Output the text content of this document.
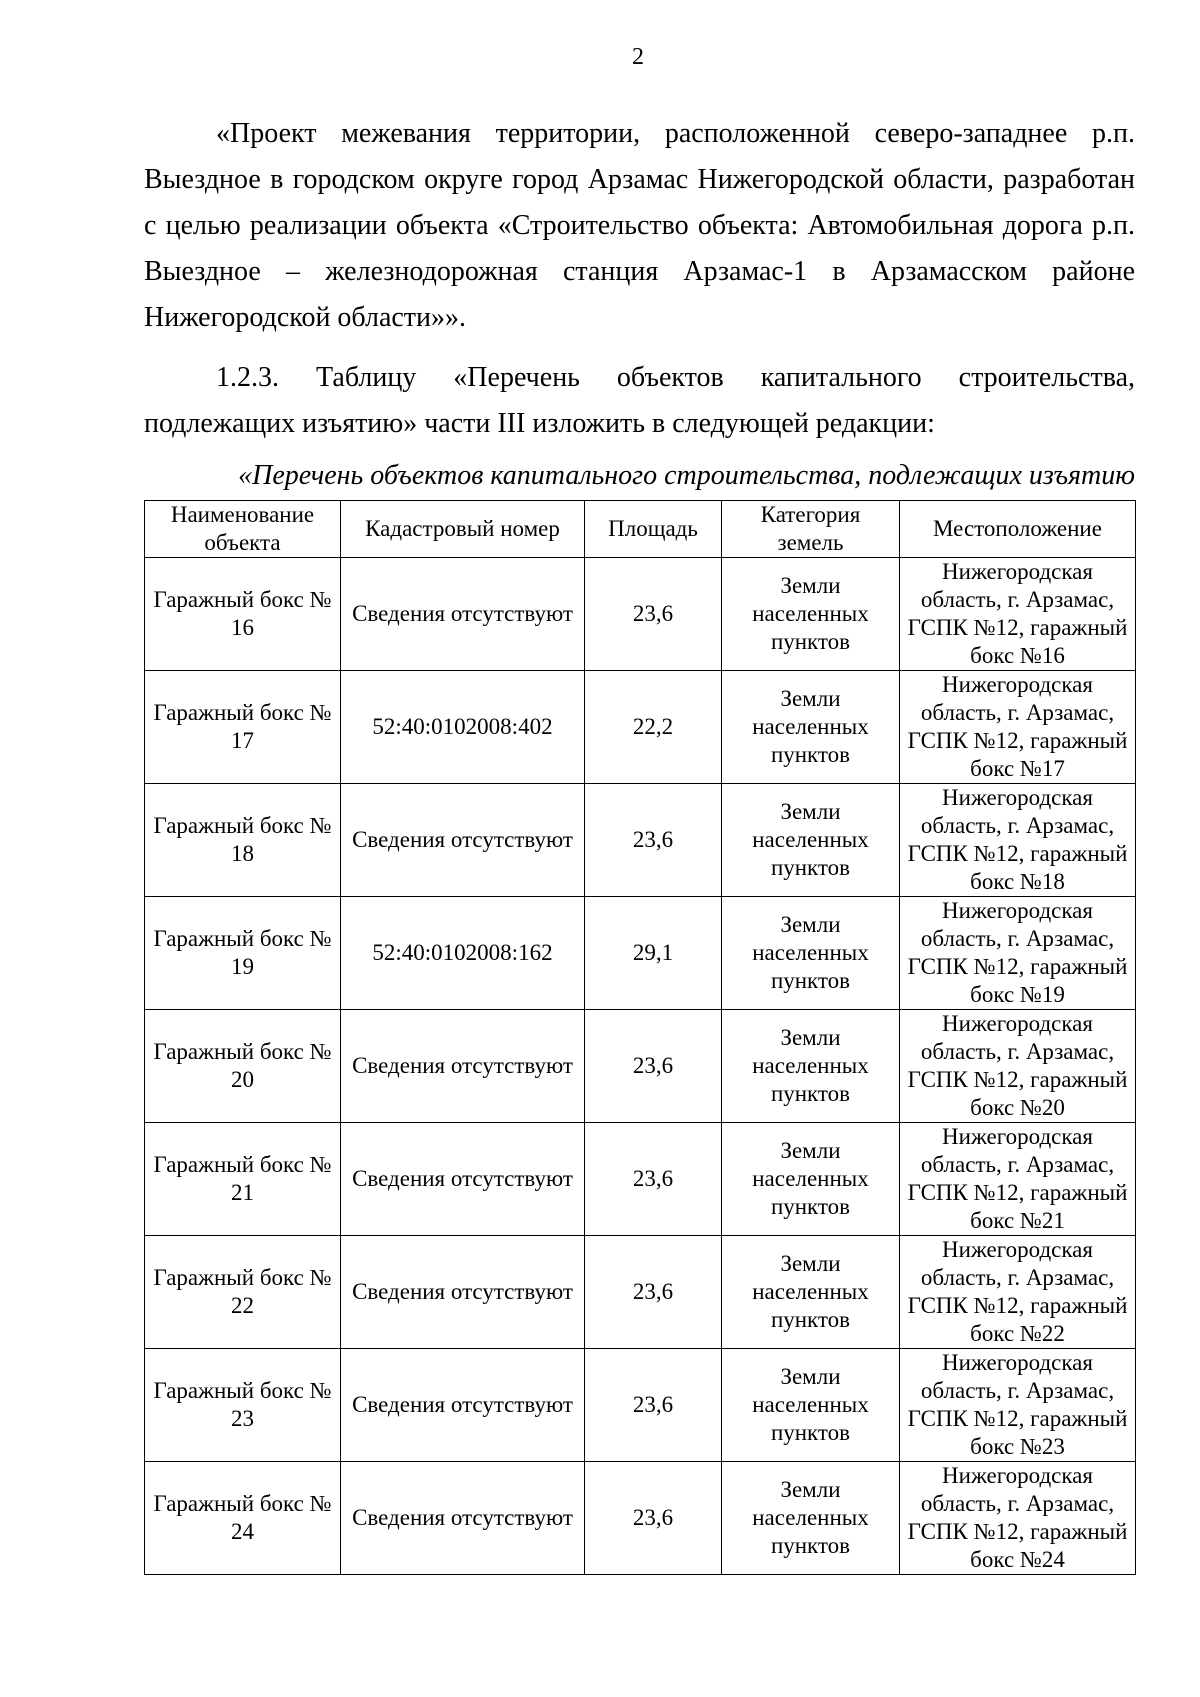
2

«Проект межевания территории, расположенной северо-западнее р.п. Выездное в городском округе город Арзамас Нижегородской области, разработан с целью реализации объекта «Строительство объекта: Автомобильная дорога р.п. Выездное – железнодорожная станция Арзамас-1 в Арзамасском районе Нижегородской области»».

1.2.3. Таблицу «Перечень объектов капитального строительства, подлежащих изъятию» части III изложить в следующей редакции:

«Перечень объектов капитального строительства, подлежащих изъятию
Наименование объекта	Кадастровый номер	Площадь	Категория земель	Местоположение
Гаражный бокс № 16	Сведения отсутствуют	23,6	Земли населенных пунктов	Нижегородская область, г. Арзамас, ГСПК №12, гаражный бокс №16
Гаражный бокс № 17	52:40:0102008:402	22,2	Земли населенных пунктов	Нижегородская область, г. Арзамас, ГСПК №12, гаражный бокс №17
Гаражный бокс № 18	Сведения отсутствуют	23,6	Земли населенных пунктов	Нижегородская область, г. Арзамас, ГСПК №12, гаражный бокс №18
Гаражный бокс № 19	52:40:0102008:162	29,1	Земли населенных пунктов	Нижегородская область, г. Арзамас, ГСПК №12, гаражный бокс №19
Гаражный бокс № 20	Сведения отсутствуют	23,6	Земли населенных пунктов	Нижегородская область, г. Арзамас, ГСПК №12, гаражный бокс №20
Гаражный бокс № 21	Сведения отсутствуют	23,6	Земли населенных пунктов	Нижегородская область, г. Арзамас, ГСПК №12, гаражный бокс №21
Гаражный бокс № 22	Сведения отсутствуют	23,6	Земли населенных пунктов	Нижегородская область, г. Арзамас, ГСПК №12, гаражный бокс №22
Гаражный бокс № 23	Сведения отсутствуют	23,6	Земли населенных пунктов	Нижегородская область, г. Арзамас, ГСПК №12, гаражный бокс №23
Гаражный бокс № 24	Сведения отсутствуют	23,6	Земли населенных пунктов	Нижегородская область, г. Арзамас, ГСПК №12, гаражный бокс №24
